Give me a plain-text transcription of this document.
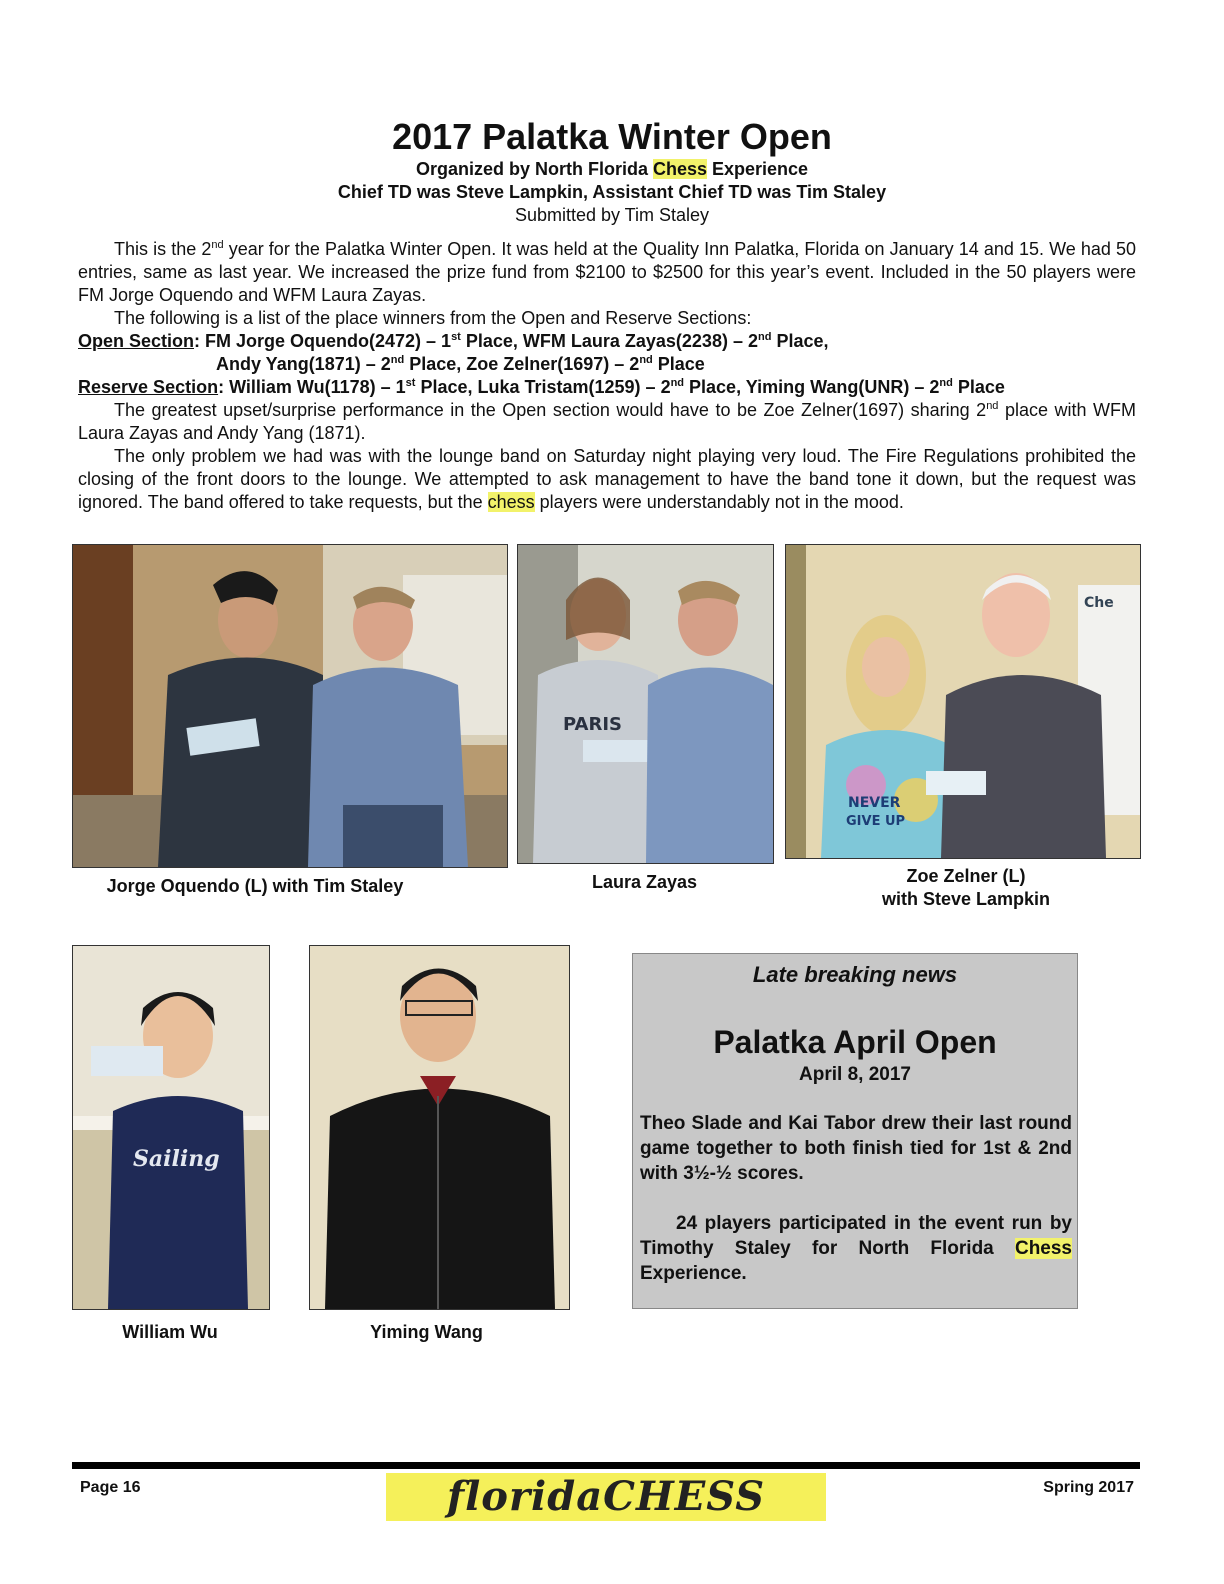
2017 Palatka Winter Open
Organized by North Florida Chess Experience
Chief TD was Steve Lampkin, Assistant Chief TD was Tim Staley
Submitted by Tim Staley

This is the 2nd year for the Palatka Winter Open. It was held at the Quality Inn Palatka, Florida on January 14 and 15. We had 50 entries, same as last year. We increased the prize fund from $2100 to $2500 for this year’s event. Included in the 50 players were FM Jorge Oquendo and WFM Laura Zayas.

The following is a list of the place winners from the Open and Reserve Sections:

Open Section: FM Jorge Oquendo(2472) – 1st Place, WFM Laura Zayas(2238) – 2nd Place,

Andy Yang(1871) – 2nd Place, Zoe Zelner(1697) – 2nd Place

Reserve Section: William Wu(1178) – 1st Place, Luka Tristam(1259) – 2nd Place, Yiming Wang(UNR) – 2nd Place

The greatest upset/surprise performance in the Open section would have to be Zoe Zelner(1697) sharing 2nd place with WFM Laura Zayas and Andy Yang (1871).

The only problem we had was with the lounge band on Saturday night playing very loud. The Fire Regulations prohibited the closing of the front doors to the lounge. We attempted to ask management to have the band tone it down, but the request was ignored. The band offered to take requests, but the chess players were understandably not in the mood.

PARIS
Che
NEVER
GIVE UP
Jorge Oquendo (L) with Tim Staley	Laura Zayas	Zoe Zelner (L)
with Steve Lampkin
Sailing
William Wu	Yiming Wang
Late breaking news
Palatka April Open
April 8, 2017

Theo Slade and Kai Tabor drew their last round game together to both finish tied for 1st & 2nd with 3½-½ scores.

24 players participated in the event run by Timothy Staley for North Florida Chess Experience.

Page 16	floridaCHESS	Spring 2017
